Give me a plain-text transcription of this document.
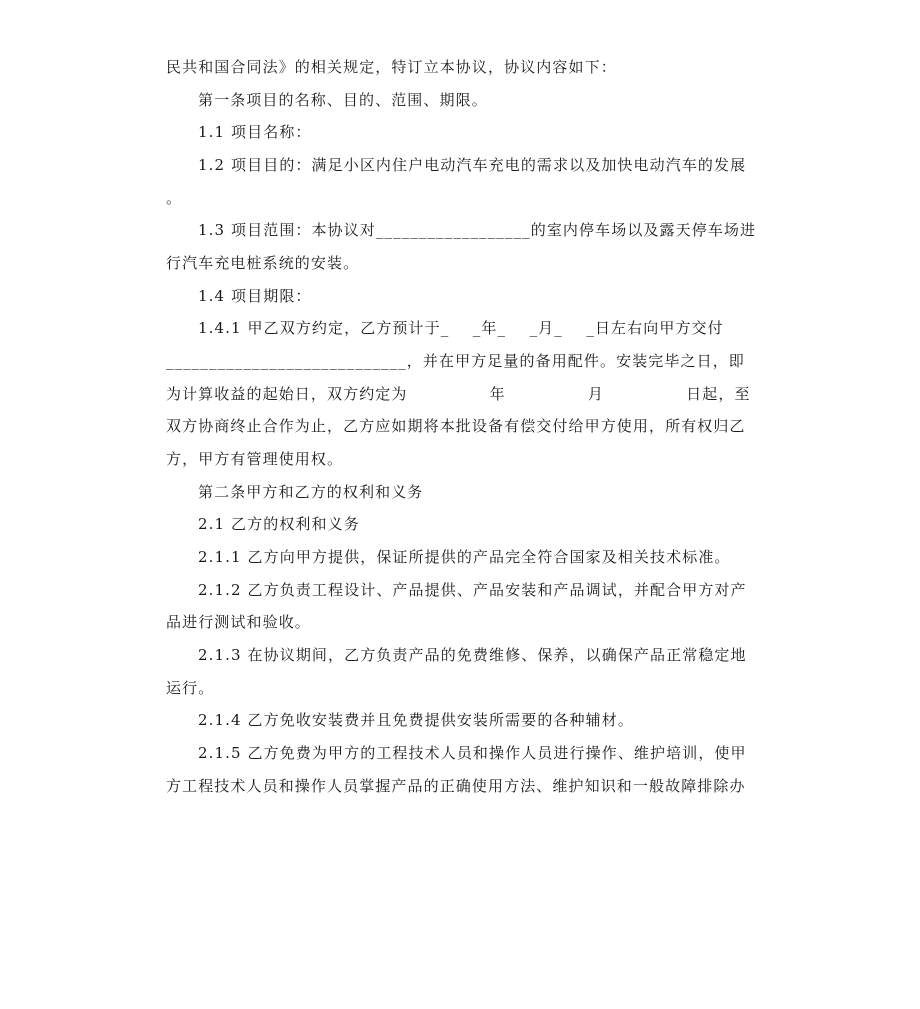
民共和国合同法》的相关规定，特订立本协议，协议内容如下：
第一条项目的名称、目的、范围、期限。
1.1 项目名称：
1.2 项目目的：满足小区内住户电动汽车充电的需求以及加快电动汽车的发展
。
1.3 项目范围：本协议对__________________的室内停车场以及露天停车场进
行汽车充电桩系统的安装。
1.4 项目期限：
1.4.1 甲乙双方约定，乙方预计于_    _年_    _月_    _日左右向甲方交付
____________________________，并在甲方足量的备用配件。安装完毕之日，即
为计算收益的起始日，双方约定为              年              月              日起，至
双方协商终止合作为止，乙方应如期将本批设备有偿交付给甲方使用，所有权归乙
方，甲方有管理使用权。
第二条甲方和乙方的权利和义务
2.1 乙方的权利和义务
2.1.1 乙方向甲方提供，保证所提供的产品完全符合国家及相关技术标准。
2.1.2 乙方负责工程设计、产品提供、产品安装和产品调试，并配合甲方对产
品进行测试和验收。
2.1.3 在协议期间，乙方负责产品的免费维修、保养，以确保产品正常稳定地
运行。
2.1.4 乙方免收安装费并且免费提供安装所需要的各种辅材。
2.1.5 乙方免费为甲方的工程技术人员和操作人员进行操作、维护培训，使甲
方工程技术人员和操作人员掌握产品的正确使用方法、维护知识和一般故障排除办
